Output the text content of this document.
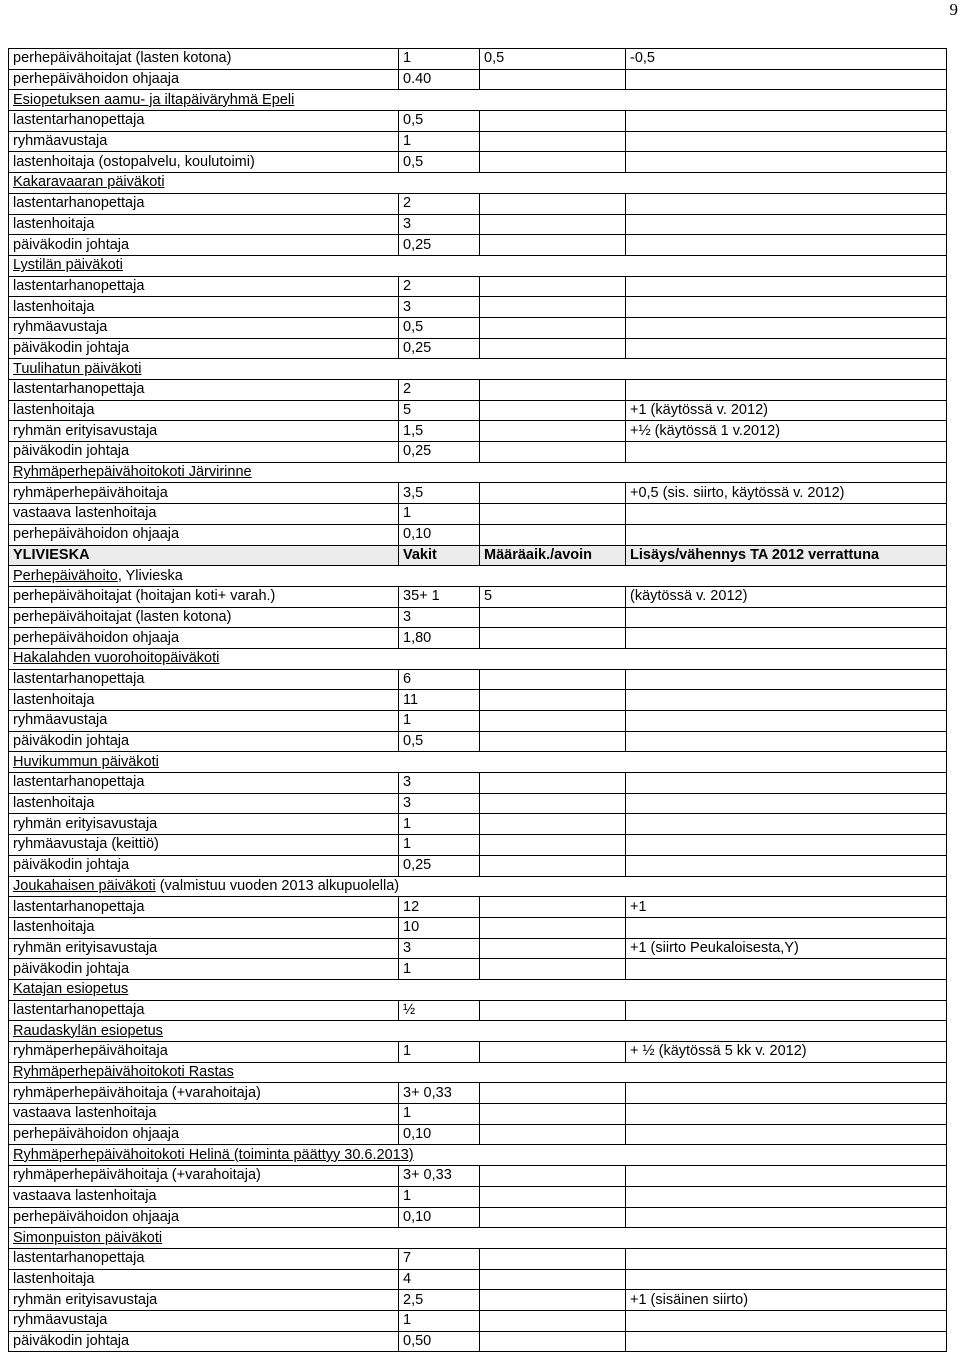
9
perhepäivähoitajat (lasten kotona)	1	0,5	-0,5
perhepäivähoidon ohjaaja	0.40		
Esiopetuksen aamu- ja iltapäiväryhmä Epeli			
lastentarhanopettaja	0,5		
ryhmäavustaja	1		
lastenhoitaja (ostopalvelu, koulutoimi)	0,5		
Kakaravaaran päiväkoti			
lastentarhanopettaja	2		
lastenhoitaja	3		
päiväkodin johtaja	0,25		
Lystilän päiväkoti			
lastentarhanopettaja	2		
lastenhoitaja	3		
ryhmäavustaja	0,5		
päiväkodin johtaja	0,25		
Tuulihatun päiväkoti			
lastentarhanopettaja	2		
lastenhoitaja	5		+1 (käytössä v. 2012)
ryhmän erityisavustaja	1,5		+½ (käytössä 1 v.2012)
päiväkodin johtaja	0,25		
Ryhmäperhepäivähoitokoti Järvirinne			
ryhmäperhepäivähoitaja	3,5		+0,5 (sis. siirto, käytössä v. 2012)
vastaava lastenhoitaja	1		
perhepäivähoidon ohjaaja	0,10		
YLIVIESKA	Vakit	Määräaik./avoin	Lisäys/vähennys TA 2012 verrattuna
Perhepäivähoito, Ylivieska			
perhepäivähoitajat (hoitajan koti+ varah.)	35+ 1	5	(käytössä v. 2012)
perhepäivähoitajat (lasten kotona)	3		
perhepäivähoidon ohjaaja	1,80		
Hakalahden vuorohoitopäiväkoti			
lastentarhanopettaja	6		
lastenhoitaja	11		
ryhmäavustaja	1		
päiväkodin johtaja	0,5		
Huvikummun päiväkoti			
lastentarhanopettaja	3		
lastenhoitaja	3		
ryhmän erityisavustaja	1		
ryhmäavustaja (keittiö)	1		
päiväkodin johtaja	0,25		
Joukahaisen päiväkoti (valmistuu vuoden 2013 alkupuolella)			
lastentarhanopettaja	12		+1
lastenhoitaja	10		
ryhmän erityisavustaja	3		+1 (siirto Peukaloisesta,Y)
päiväkodin johtaja	1		
Katajan esiopetus			
lastentarhanopettaja	½		
Raudaskylän esiopetus			
ryhmäperhepäivähoitaja	1		+ ½ (käytössä 5 kk v. 2012)
Ryhmäperhepäivähoitokoti Rastas			
ryhmäperhepäivähoitaja (+varahoitaja)	3+ 0,33		
vastaava lastenhoitaja	1		
perhepäivähoidon ohjaaja	0,10		
Ryhmäperhepäivähoitokoti Helinä (toiminta päättyy 30.6.2013)			
ryhmäperhepäivähoitaja (+varahoitaja)	3+ 0,33		
vastaava lastenhoitaja	1		
perhepäivähoidon ohjaaja	0,10		
Simonpuiston päiväkoti			
lastentarhanopettaja	7		
lastenhoitaja	4		
ryhmän erityisavustaja	2,5		+1 (sisäinen siirto)
ryhmäavustaja	1		
päiväkodin johtaja	0,50		
